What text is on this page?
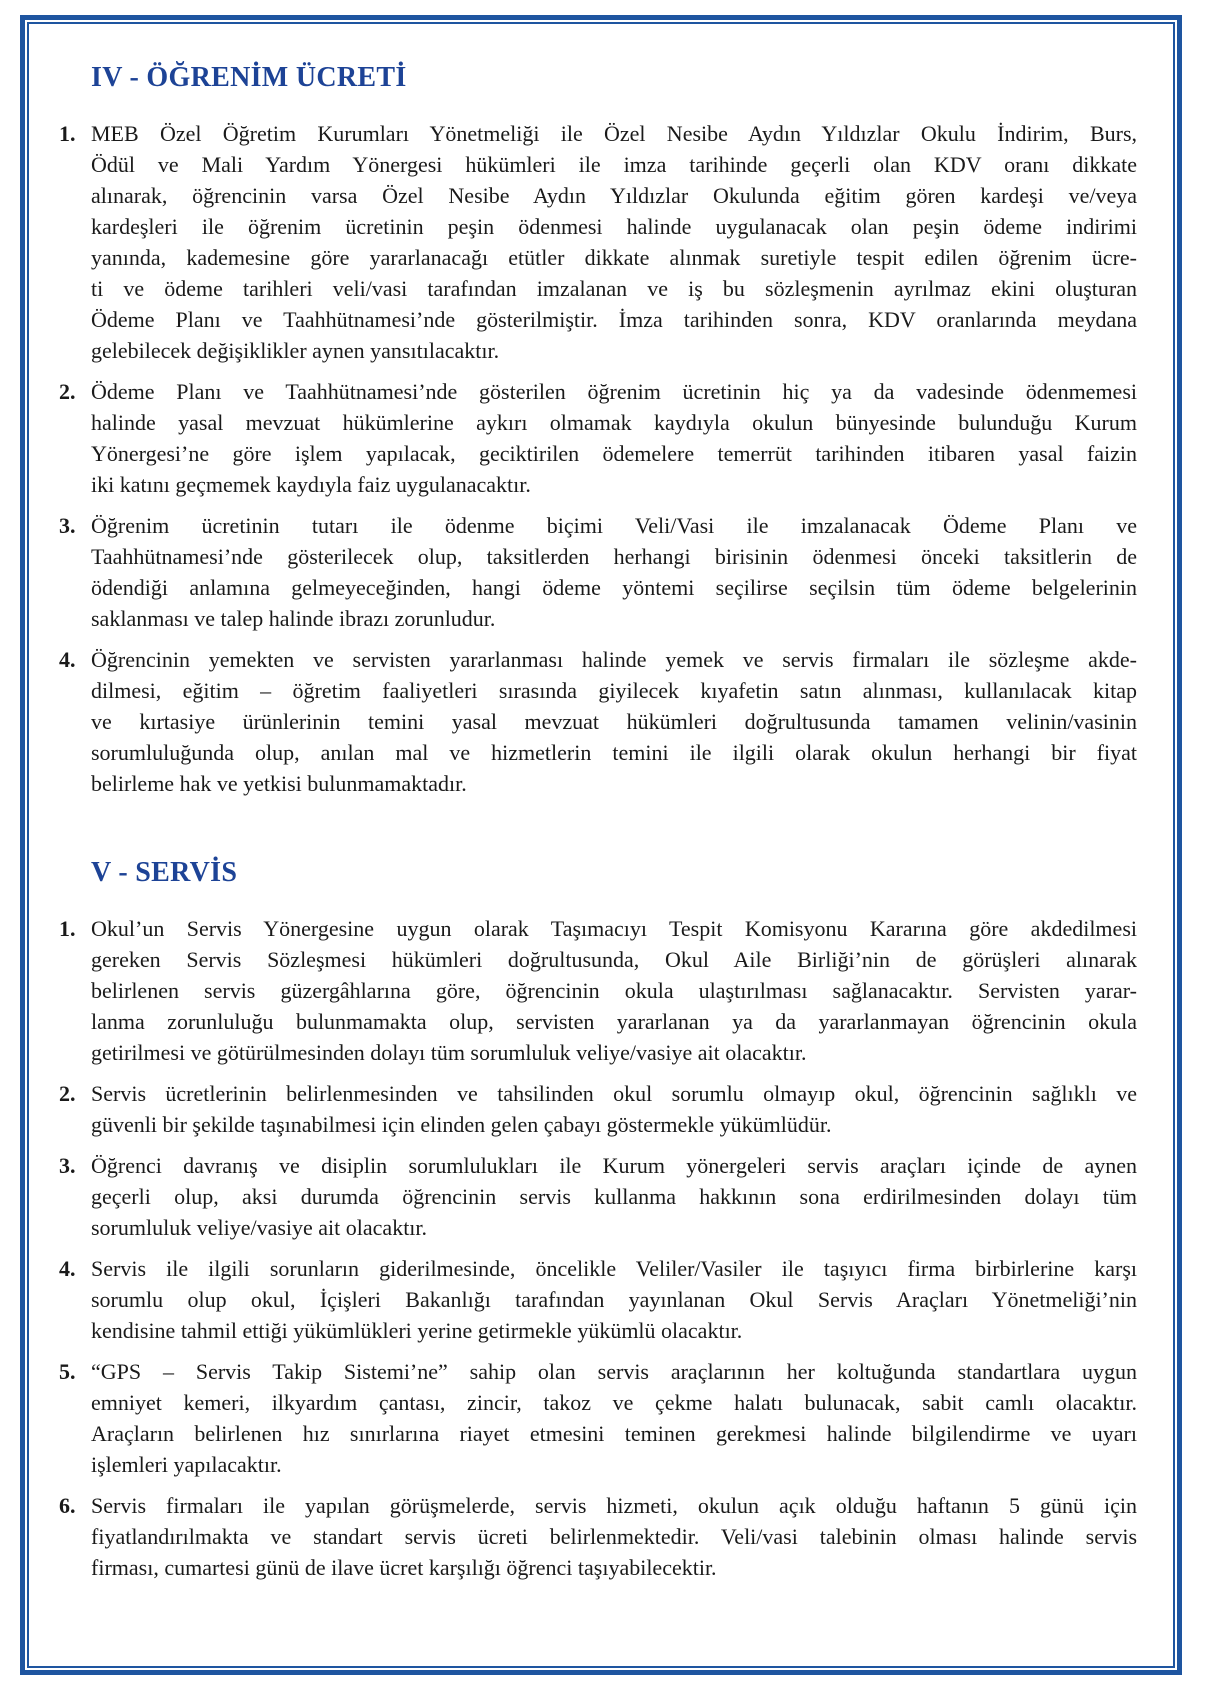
IV - ÖĞRENİM ÜCRETİ
1. MEB Özel Öğretim Kurumları Yönetmeliği ile Özel Nesibe Aydın Yıldızlar Okulu İndirim, Burs,
Ödül ve Mali Yardım Yönergesi hükümleri ile imza tarihinde geçerli olan KDV oranı dikkate
alınarak, öğrencinin varsa Özel Nesibe Aydın Yıldızlar Okulunda eğitim gören kardeşi ve/veya
kardeşleri ile öğrenim ücretinin peşin ödenmesi halinde uygulanacak olan peşin ödeme indirimi
yanında, kademesine göre yararlanacağı etütler dikkate alınmak suretiyle tespit edilen öğrenim ücre-
ti ve ödeme tarihleri veli/vasi tarafından imzalanan ve iş bu sözleşmenin ayrılmaz ekini oluşturan
Ödeme Planı ve Taahhütnamesi’nde gösterilmiştir. İmza tarihinden sonra, KDV oranlarında meydana
gelebilecek değişiklikler aynen yansıtılacaktır.
2. Ödeme Planı ve Taahhütnamesi’nde gösterilen öğrenim ücretinin hiç ya da vadesinde ödenmemesi
halinde yasal mevzuat hükümlerine aykırı olmamak kaydıyla okulun bünyesinde bulunduğu Kurum
Yönergesi’ne göre işlem yapılacak, geciktirilen ödemelere temerrüt tarihinden itibaren yasal faizin
iki katını geçmemek kaydıyla faiz uygulanacaktır.
3. Öğrenim ücretinin tutarı ile ödenme biçimi Veli/Vasi ile imzalanacak Ödeme Planı ve
Taahhütnamesi’nde gösterilecek olup, taksitlerden herhangi birisinin ödenmesi önceki taksitlerin de
ödendiği anlamına gelmeyeceğinden, hangi ödeme yöntemi seçilirse seçilsin tüm ödeme belgelerinin
saklanması ve talep halinde ibrazı zorunludur.
4. Öğrencinin yemekten ve servisten yararlanması halinde yemek ve servis firmaları ile sözleşme akde-
dilmesi, eğitim – öğretim faaliyetleri sırasında giyilecek kıyafetin satın alınması, kullanılacak kitap
ve kırtasiye ürünlerinin temini yasal mevzuat hükümleri doğrultusunda tamamen velinin/vasinin
sorumluluğunda olup, anılan mal ve hizmetlerin temini ile ilgili olarak okulun herhangi bir fiyat
belirleme hak ve yetkisi bulunmamaktadır.
V - SERVİS
1. Okul’un Servis Yönergesine uygun olarak Taşımacıyı Tespit Komisyonu Kararına göre akdedilmesi
gereken Servis Sözleşmesi hükümleri doğrultusunda, Okul Aile Birliği’nin de görüşleri alınarak
belirlenen servis güzergâhlarına göre, öğrencinin okula ulaştırılması sağlanacaktır. Servisten yarar-
lanma zorunluluğu bulunmamakta olup, servisten yararlanan ya da yararlanmayan öğrencinin okula
getirilmesi ve götürülmesinden dolayı tüm sorumluluk veliye/vasiye ait olacaktır.
2. Servis ücretlerinin belirlenmesinden ve tahsilinden okul sorumlu olmayıp okul, öğrencinin sağlıklı ve
güvenli bir şekilde taşınabilmesi için elinden gelen çabayı göstermekle yükümlüdür.
3. Öğrenci davranış ve disiplin sorumlulukları ile Kurum yönergeleri servis araçları içinde de aynen
geçerli olup, aksi durumda öğrencinin servis kullanma hakkının sona erdirilmesinden dolayı tüm
sorumluluk veliye/vasiye ait olacaktır.
4. Servis ile ilgili sorunların giderilmesinde, öncelikle Veliler/Vasiler ile taşıyıcı firma birbirlerine karşı
sorumlu olup okul, İçişleri Bakanlığı tarafından yayınlanan Okul Servis Araçları Yönetmeliği’nin
kendisine tahmil ettiği yükümlükleri yerine getirmekle yükümlü olacaktır.
5. “GPS – Servis Takip Sistemi’ne” sahip olan servis araçlarının her koltuğunda standartlara uygun
emniyet kemeri, ilkyardım çantası, zincir, takoz ve çekme halatı bulunacak, sabit camlı olacaktır.
Araçların belirlenen hız sınırlarına riayet etmesini teminen gerekmesi halinde bilgilendirme ve uyarı
işlemleri yapılacaktır.
6. Servis firmaları ile yapılan görüşmelerde, servis hizmeti, okulun açık olduğu haftanın 5 günü için
fiyatlandırılmakta ve standart servis ücreti belirlenmektedir. Veli/vasi talebinin olması halinde servis
firması, cumartesi günü de ilave ücret karşılığı öğrenci taşıyabilecektir.
